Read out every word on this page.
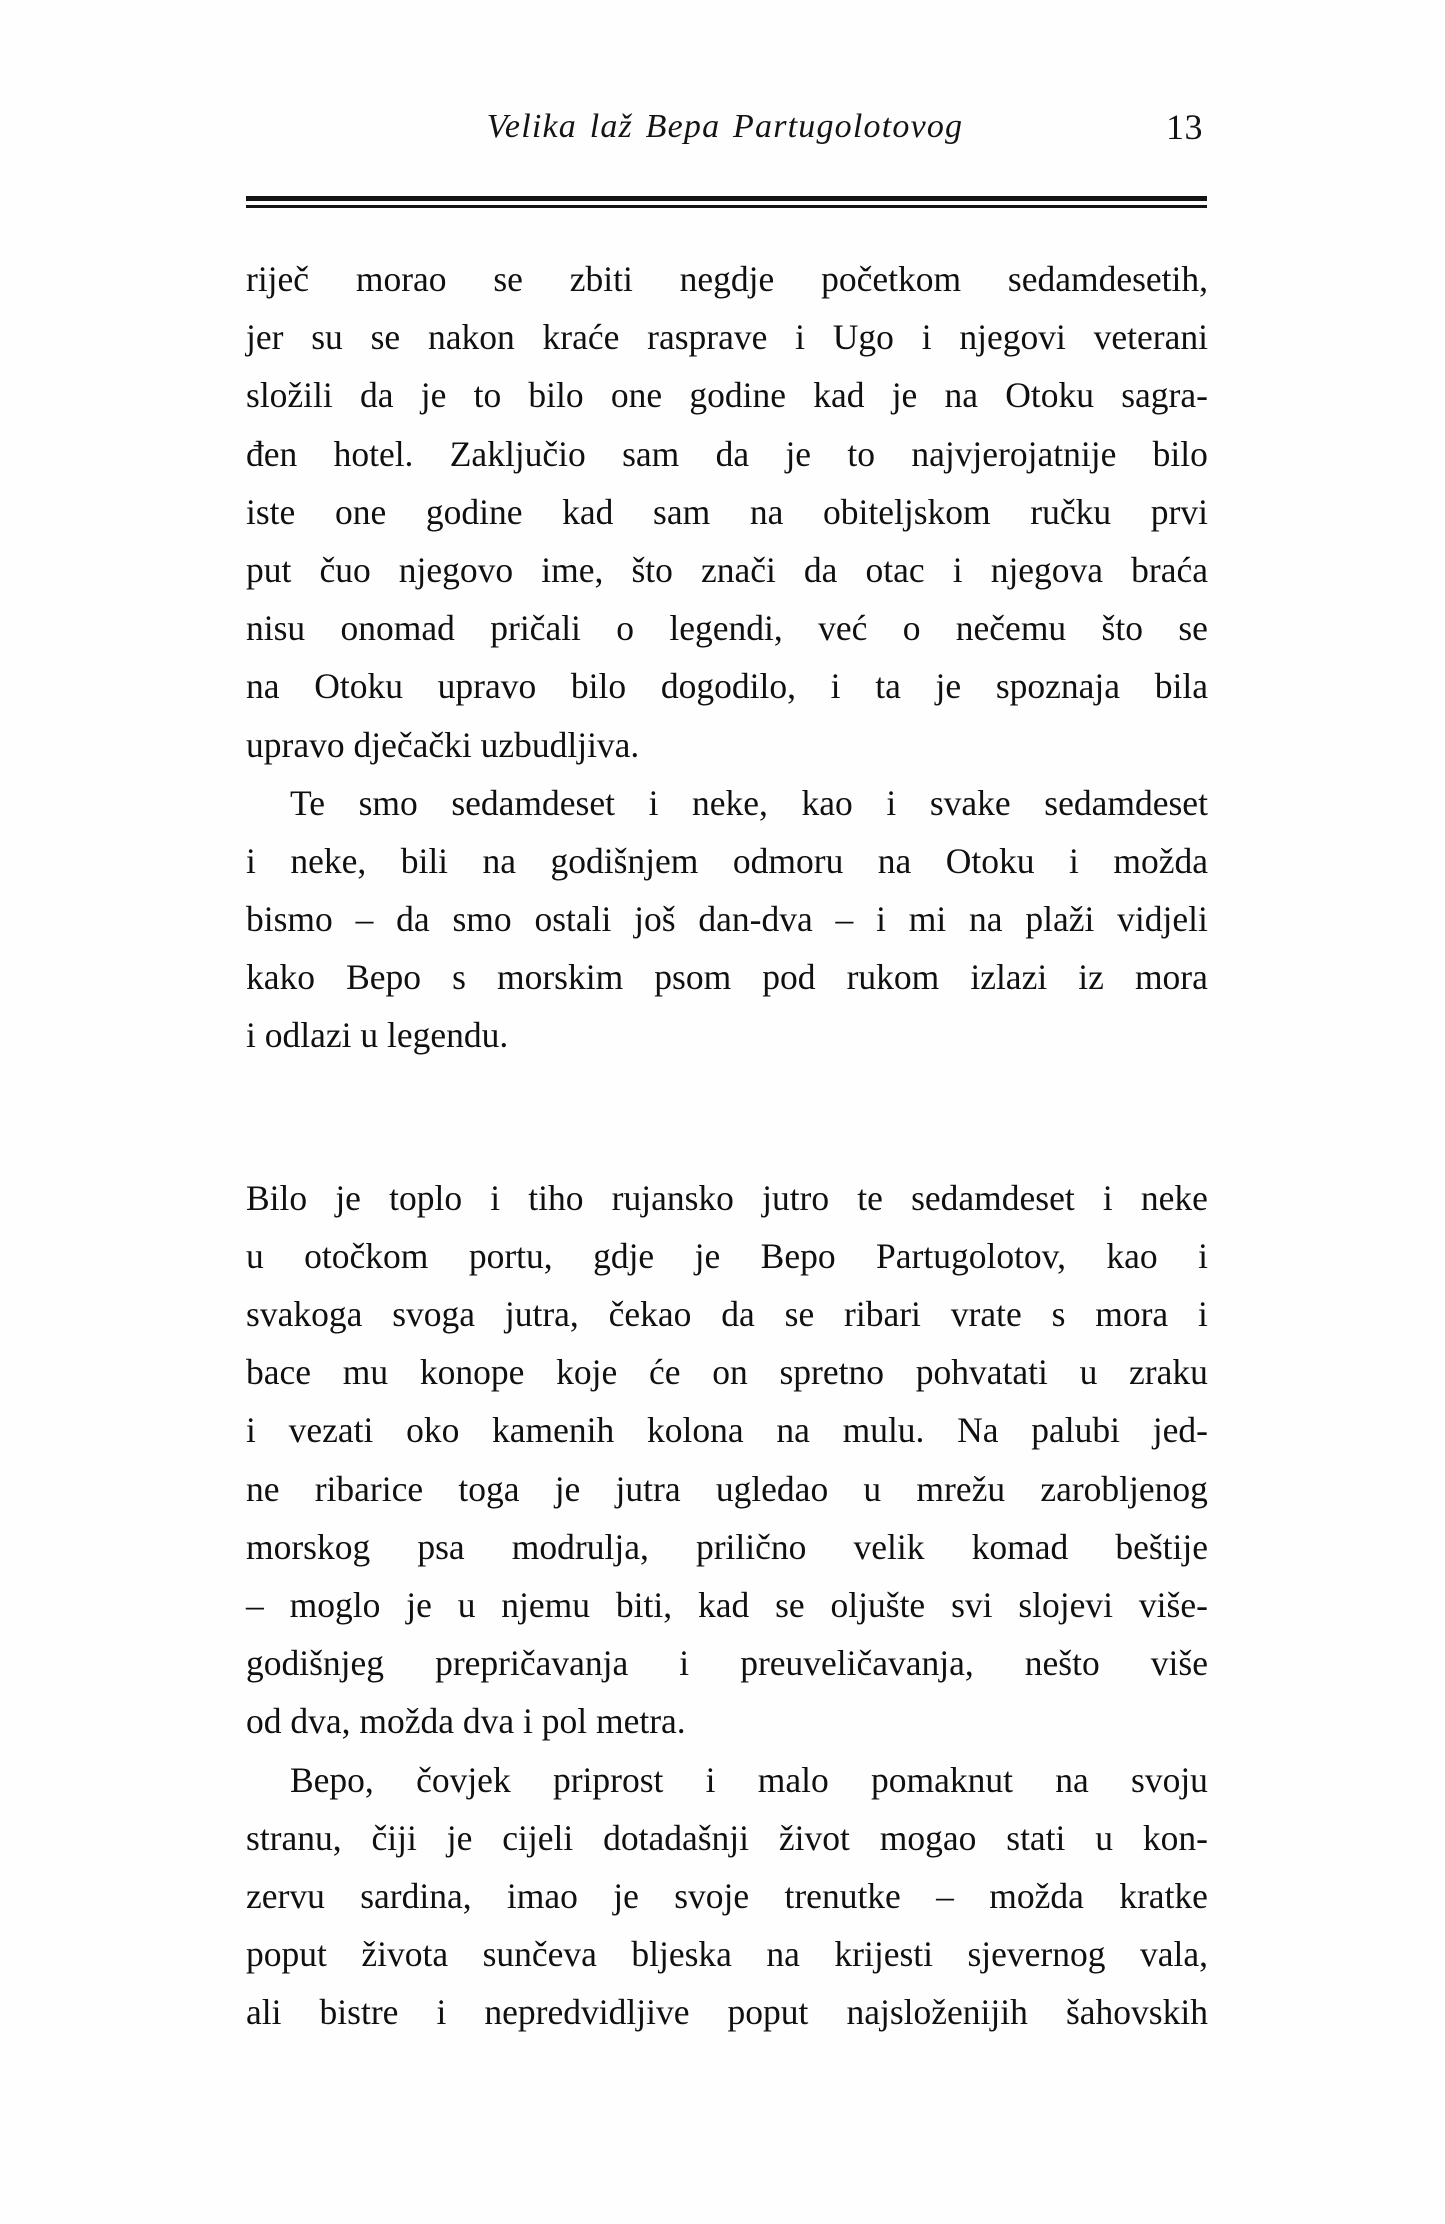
Velika laž Bepa Partugolotovog	13
riječ morao se zbiti negdje početkom sedamdesetih,
jer su se nakon kraće rasprave i Ugo i njegovi veterani
složili da je to bilo one godine kad je na Otoku sagra-
đen hotel. Zaključio sam da je to najvjerojatnije bilo
iste one godine kad sam na obiteljskom ručku prvi
put čuo njegovo ime, što znači da otac i njegova braća
nisu onomad pričali o legendi, već o nečemu što se
na Otoku upravo bilo dogodilo, i ta je spoznaja bila
upravo dječački uzbudljiva.
Te smo sedamdeset i neke, kao i svake sedamdeset
i neke, bili na godišnjem odmoru na Otoku i možda
bismo – da smo ostali još dan-dva – i mi na plaži vidjeli
kako Bepo s morskim psom pod rukom izlazi iz mora
i odlazi u legendu.
Bilo je toplo i tiho rujansko jutro te sedamdeset i neke
u otočkom portu, gdje je Bepo Partugolotov, kao i
svakoga svoga jutra, čekao da se ribari vrate s mora i
bace mu konope koje će on spretno pohvatati u zraku
i vezati oko kamenih kolona na mulu. Na palubi jed-
ne ribarice toga je jutra ugledao u mrežu zarobljenog
morskog psa modrulja, prilično velik komad beštije
– moglo je u njemu biti, kad se oljušte svi slojevi više-
godišnjeg prepričavanja i preuveličavanja, nešto više
od dva, možda dva i pol metra.
Bepo, čovjek priprost i malo pomaknut na svoju
stranu, čiji je cijeli dotadašnji život mogao stati u kon-
zervu sardina, imao je svoje trenutke – možda kratke
poput života sunčeva bljeska na krijesti sjevernog vala,
ali bistre i nepredvidljive poput najsloženijih šahovskih
